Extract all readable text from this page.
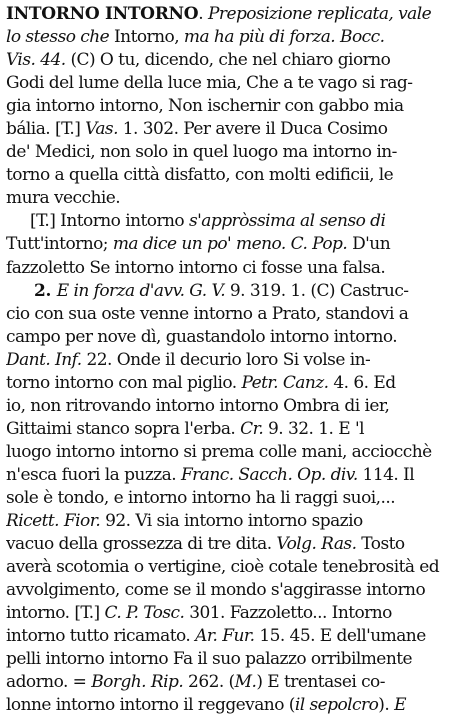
INTORNO INTORNO. Preposizione replicata, vale
lo stesso che Intorno, ma ha più di forza. Bocc.
Vis. 44. (C) O tu, dicendo, che nel chiaro giorno
Godi del lume della luce mia, Che a te vago si rag-
gia intorno intorno, Non ischernir con gabbo mia
bália. [T.] Vas. 1. 302. Per avere il Duca Cosimo
de' Medici, non solo in quel luogo ma intorno in-
torno a quella città disfatto, con molti edificii, le
mura vecchie.
[T.] Intorno intorno s'appròssima al senso di
Tutt'intorno; ma dice un po' meno. C. Pop. D'un
fazzoletto Se intorno intorno ci fosse una falsa.
2. E in forza d'avv. G. V. 9. 319. 1. (C) Castruc-
cio con sua oste venne intorno a Prato, standovi a
campo per nove dì, guastandolo intorno intorno.
Dant. Inf. 22. Onde il decurio loro Si volse in-
torno intorno con mal piglio. Petr. Canz. 4. 6. Ed
io, non ritrovando intorno intorno Ombra di ier,
Gittaimi stanco sopra l'erba. Cr. 9. 32. 1. E 'l
luogo intorno intorno si prema colle mani, acciocchè
n'esca fuori la puzza. Franc. Sacch. Op. div. 114. Il
sole è tondo, e intorno intorno ha li raggi suoi,...
Ricett. Fior. 92. Vi sia intorno intorno spazio
vacuo della grossezza di tre dita. Volg. Ras. Tosto
averà scotomia o vertigine, cioè cotale tenebrosità ed
avvolgimento, come se il mondo s'aggirasse intorno
intorno. [T.] C. P. Tosc. 301. Fazzoletto... Intorno
intorno tutto ricamato. Ar. Fur. 15. 45. E dell'umane
pelli intorno intorno Fa il suo palazzo orribilmente
adorno. = Borgh. Rip. 262. (M.) E trentasei co-
lonne intorno intorno il reggevano (il sepolcro). E
